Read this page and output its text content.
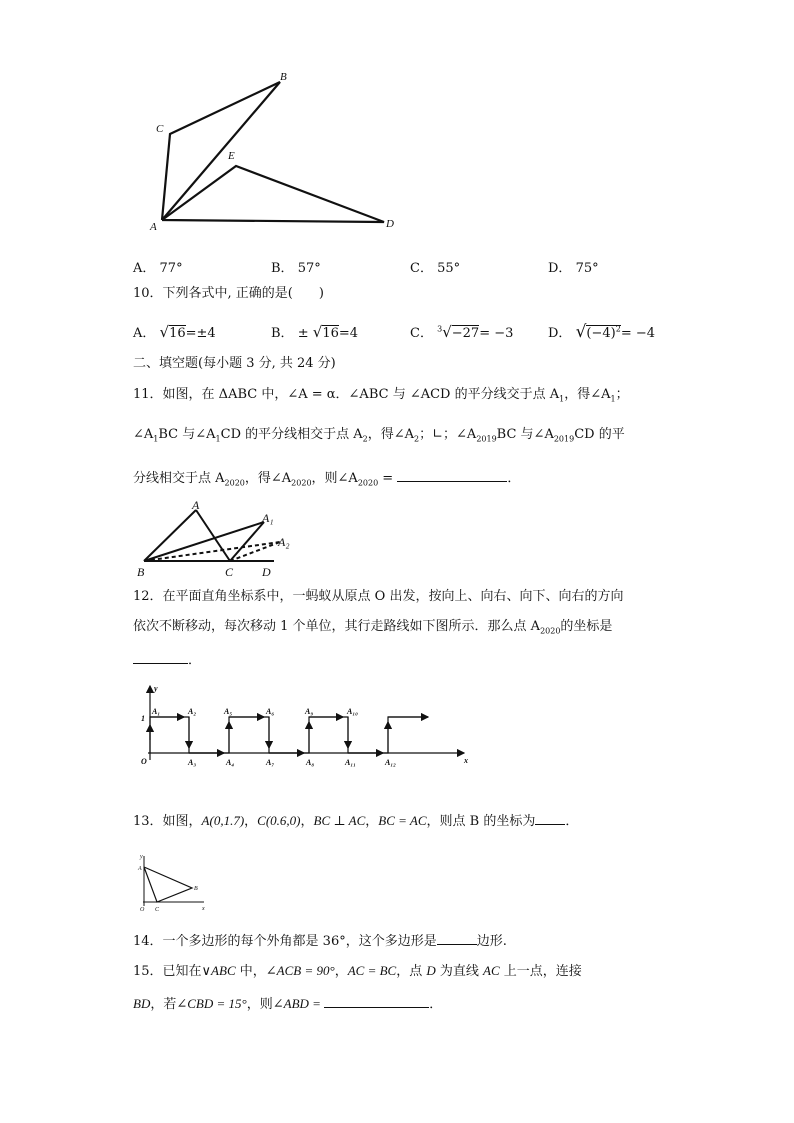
C
B
E
A	D
A． 77°	B． 57°	C． 55°	D． 75°
10．下列各式中, 正确的是(　　)
A． √16=±4	B． ± √16=4	C． $^3$√−27= −3	D． $√(-4)^2= -4$
二、填空题(每小题 3 分, 共 24 分)
11．如图，在 ΔABC 中，∠A = α．∠ABC 与 ∠ACD 的平分线交于点 $A_1$，得$\angle A_1$；
$\angle A_1BC$ 与$\angle A_1CD$ 的平分线相交于点 $A_2$，得$\angle A_2$；∟；$\angle A_{2019}BC$ 与$\angle A_{2019}CD$ 的平
分线相交于点 $A_{2020}$，得$\angle A_{2020}$，则$\angle A_{2020}$ =	．
A
A₁
A₂
B	C D
12．在平面直角坐标系中，一蚂蚁从原点 O 出发，按向上、向右、向下、向右的方向
依次不断移动，每次移动 1 个单位，其行走路线如下图所示．那么点 $A_{2020}$的坐标是
．
y
x
O
1
A₁	A₂	A₅	A₆	A₉	A₁₀
A₃	A₄	A₇	A₈	A₁₁	A₁₂
13．如图，A(0,1.7)，C(0.6,0)，BC ⊥ AC，BC = AC，则点 B 的坐标为 ．
y
A
B
O C	x
14．一个多边形的每个外角都是 36°，这个多边形是	边形.
15．已知在∨ABC 中，∠ACB = 90°，AC = BC，点 D 为直线 AC 上一点，连接
BD，若∠CBD = 15°，则∠ABD =	．
